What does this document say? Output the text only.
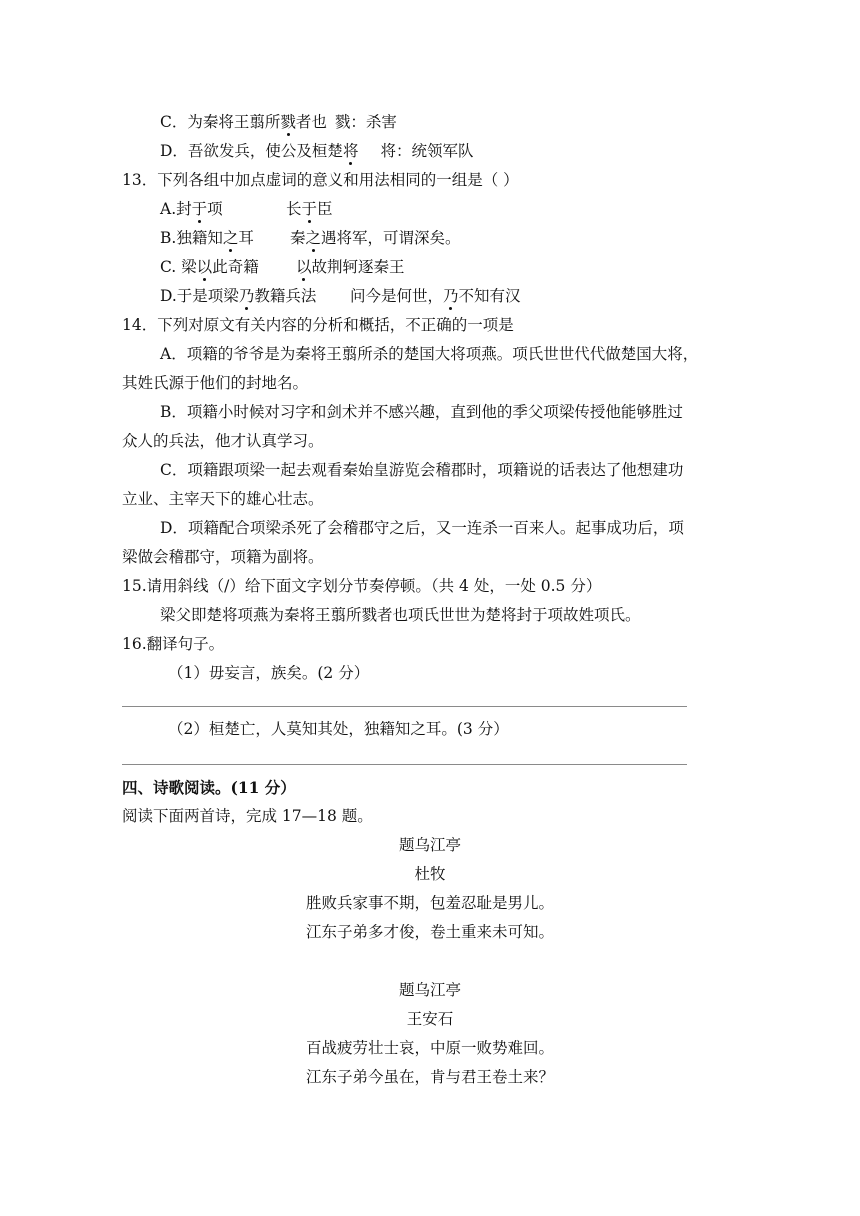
C．为秦将王翦所戮者也 戮：杀害
D．吾欲发兵，使公及桓楚将 将：统领军队
13．下列各组中加点虚词的意义和用法相同的一组是（ ）
A.封于项	长于臣
B.独籍知之耳 秦之遇将军，可谓深矣。
C. 梁以此奇籍 以故荆轲逐秦王
D.于是项梁乃教籍兵法 问今是何世，乃不知有汉
14．下列对原文有关内容的分析和概括，不正确的一项是
A．项籍的爷爷是为秦将王翦所杀的楚国大将项燕。项氏世世代代做楚国大将，
其姓氏源于他们的封地名。
B．项籍小时候对习字和剑术并不感兴趣，直到他的季父项梁传授他能够胜过
众人的兵法，他才认真学习。
C．项籍跟项梁一起去观看秦始皇游览会稽郡时，项籍说的话表达了他想建功
立业、主宰天下的雄心壮志。
D．项籍配合项梁杀死了会稽郡守之后，又一连杀一百来人。起事成功后，项
梁做会稽郡守，项籍为副将。
15.请用斜线（/）给下面文字划分节奏停顿。（共 4 处，一处 0.5 分）
梁父即楚将项燕为秦将王翦所戮者也项氏世世为楚将封于项故姓项氏。
16.翻译句子。
（1）毋妄言，族矣。(2 分）
（2）桓楚亡，人莫知其处，独籍知之耳。(3 分）
四、诗歌阅读。(11 分）
阅读下面两首诗，完成 17—18 题。
题乌江亭
杜牧
胜败兵家事不期，包羞忍耻是男儿。
江东子弟多才俊，卷土重来未可知。
题乌江亭
王安石
百战疲劳壮士哀，中原一败势难回。
江东子弟今虽在，肯与君王卷土来？
